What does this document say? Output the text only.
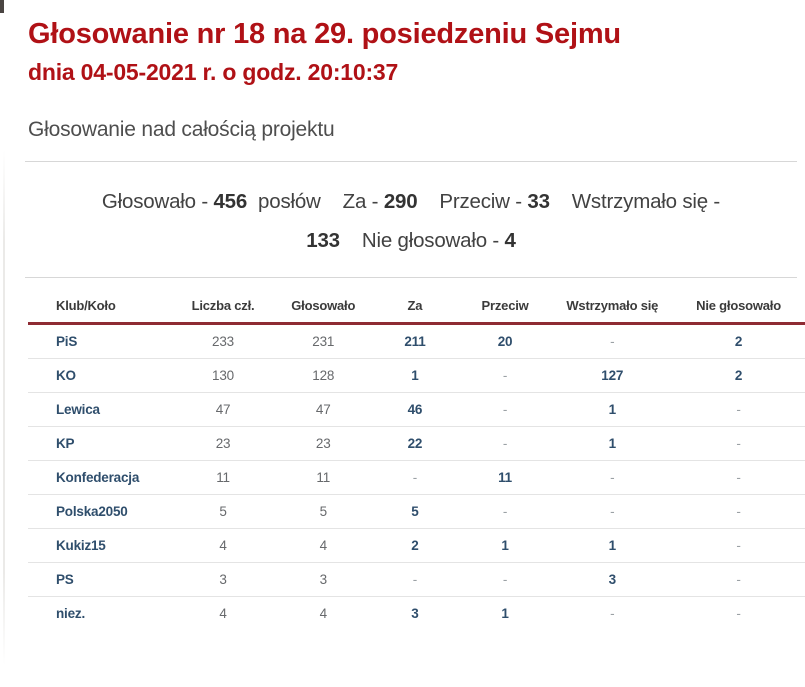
Głosowanie nr 18 na 29. posiedzeniu Sejmu
dnia 04-05-2021 r. o godz. 20:10:37

Głosowanie nad całością projektu

Głosowało - 456  posłów    Za - 290    Przeciw - 33    Wstrzymało się -
133    Nie głosowało - 4
Klub/Koło	Liczba czł.	Głosowało	Za	Przeciw	Wstrzymało się	Nie głosowało
PiS	233	231	211	20	-	2
KO	130	128	1	-	127	2
Lewica	47	47	46	-	1	-
KP	23	23	22	-	1	-
Konfederacja	11	11	-	11	-	-
Polska2050	5	5	5	-	-	-
Kukiz15	4	4	2	1	1	-
PS	3	3	-	-	3	-
niez.	4	4	3	1	-	-
